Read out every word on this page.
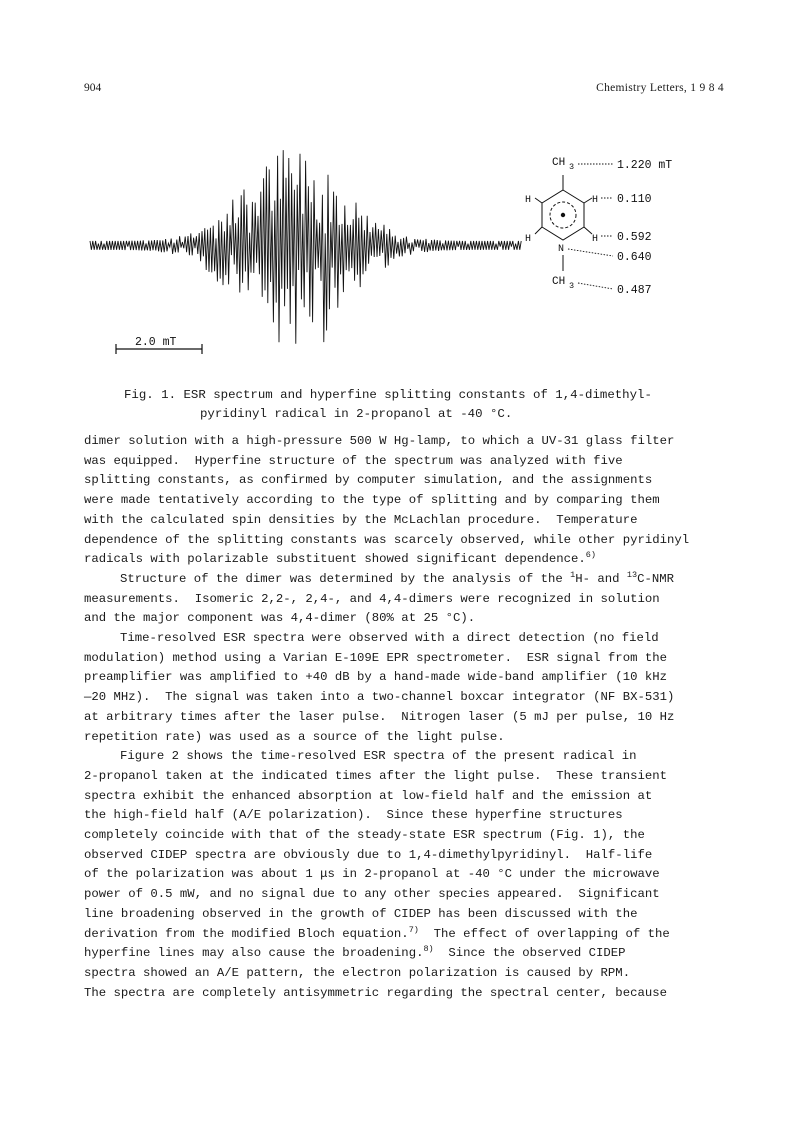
904	Chemistry Letters, 1 9 8 4
2.0 mT
CH 3
H
H
H
H
N
CH 3
1.220 mT
0.110
0.592
0.640
0.487
Fig. 1. ESR spectrum and hyperfine splitting constants of 1,4-dimethyl-
pyridinyl radical in 2-propanol at -40 °C.

dimer solution with a high-pressure 500 W Hg-lamp, to which a UV-31 glass filter
was equipped.  Hyperfine structure of the spectrum was analyzed with five
splitting constants, as confirmed by computer simulation, and the assignments
were made tentatively according to the type of splitting and by comparing them
with the calculated spin densities by the McLachlan procedure.  Temperature
dependence of the splitting constants was scarcely observed, while other pyridinyl
radicals with polarizable substituent showed significant dependence.$^{6)}$

Structure of the dimer was determined by the analysis of the $^1$H- and $^{13}$C-NMR
measurements.  Isomeric 2,2-, 2,4-, and 4,4-dimers were recognized in solution
and the major component was 4,4-dimer (80% at 25 °C).

Time-resolved ESR spectra were observed with a direct detection (no field
modulation) method using a Varian E-109E EPR spectrometer.  ESR signal from the
preamplifier was amplified to +40 dB by a hand-made wide-band amplifier (10 kHz
—20 MHz).  The signal was taken into a two-channel boxcar integrator (NF BX-531)
at arbitrary times after the laser pulse.  Nitrogen laser (5 mJ per pulse, 10 Hz
repetition rate) was used as a source of the light pulse.

Figure 2 shows the time-resolved ESR spectra of the present radical in
2-propanol taken at the indicated times after the light pulse.  These transient
spectra exhibit the enhanced absorption at low-field half and the emission at
the high-field half (A/E polarization).  Since these hyperfine structures
completely coincide with that of the steady-state ESR spectrum (Fig. 1), the
observed CIDEP spectra are obviously due to 1,4-dimethylpyridinyl.  Half-life
of the polarization was about 1 μs in 2-propanol at -40 °C under the microwave
power of 0.5 mW, and no signal due to any other species appeared.  Significant
line broadening observed in the growth of CIDEP has been discussed with the
derivation from the modified Bloch equation.$^{7)}$  The effect of overlapping of the
hyperfine lines may also cause the broadening.$^{8)}$  Since the observed CIDEP
spectra showed an A/E pattern, the electron polarization is caused by RPM.
The spectra are completely antisymmetric regarding the spectral center, because
